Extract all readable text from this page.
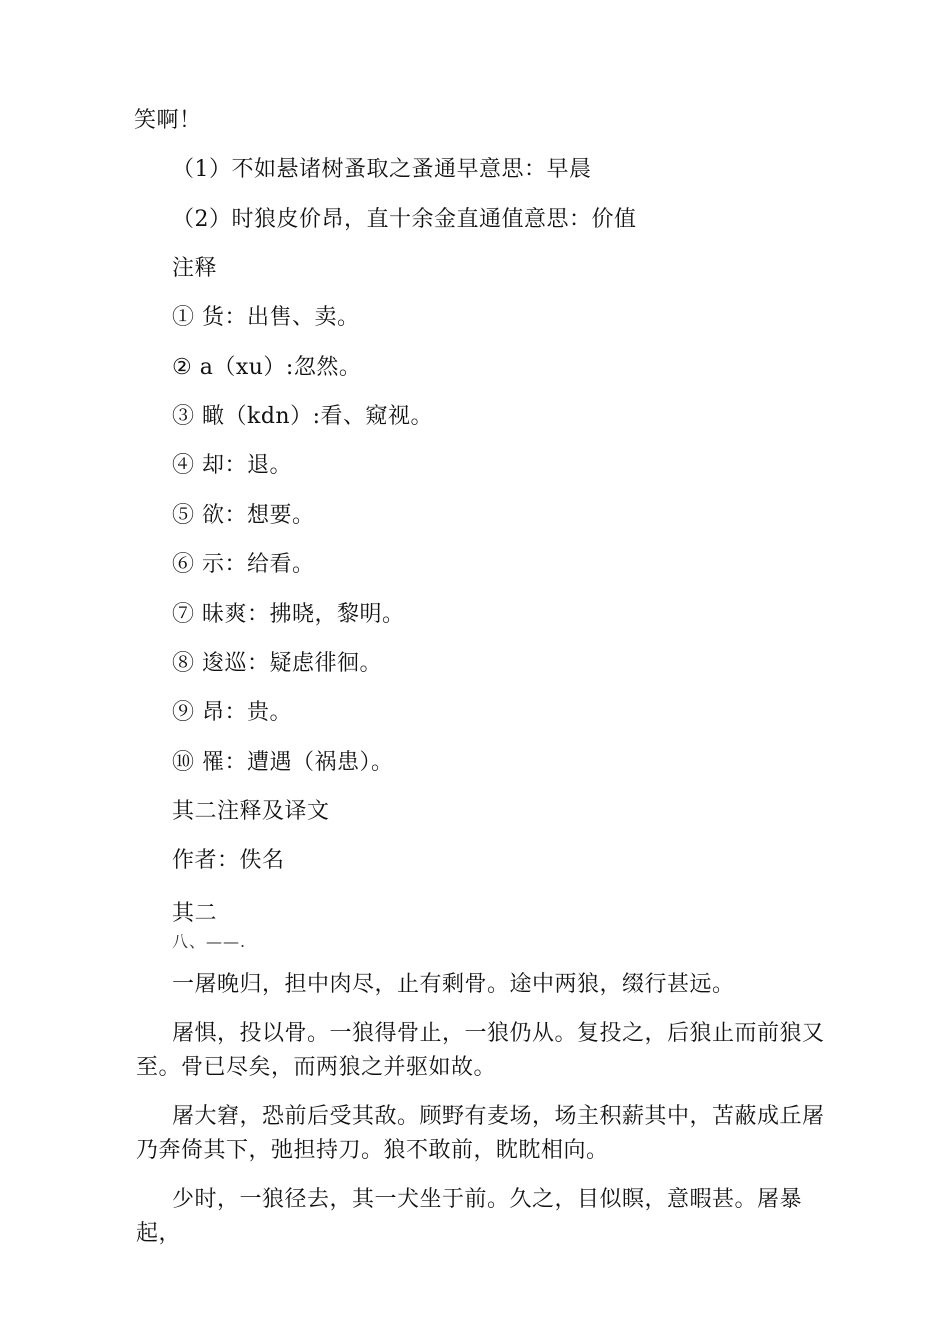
笑啊！
（1）不如悬诸树蚤取之蚤通早意思：早晨
（2）时狼皮价昂，直十余金直通值意思：价值
注释
① 货：出售、卖。
② a（xu）:忽然。
③ 瞰（kdn）:看、窥视。
④ 却：退。
⑤ 欲：想要。
⑥ 示：给看。
⑦ 昧爽：拂晓，黎明。
⑧ 逡巡：疑虑徘徊。
⑨ 昂：贵。
⑩ 罹：遭遇（祸患）。
其二注释及译文
作者：佚名
其二
八、——.
一屠晚归，担中肉尽，止有剩骨。途中两狼，缀行甚远。
屠惧，投以骨。一狼得骨止，一狼仍从。复投之，后狼止而前狼又至。骨已尽矣，而两狼之并驱如故。
屠大窘，恐前后受其敌。顾野有麦场，场主积薪其中，苫蔽成丘屠乃奔倚其下，弛担持刀。狼不敢前，眈眈相向。
少时，一狼径去，其一犬坐于前。久之，目似瞑，意暇甚。屠暴起，
